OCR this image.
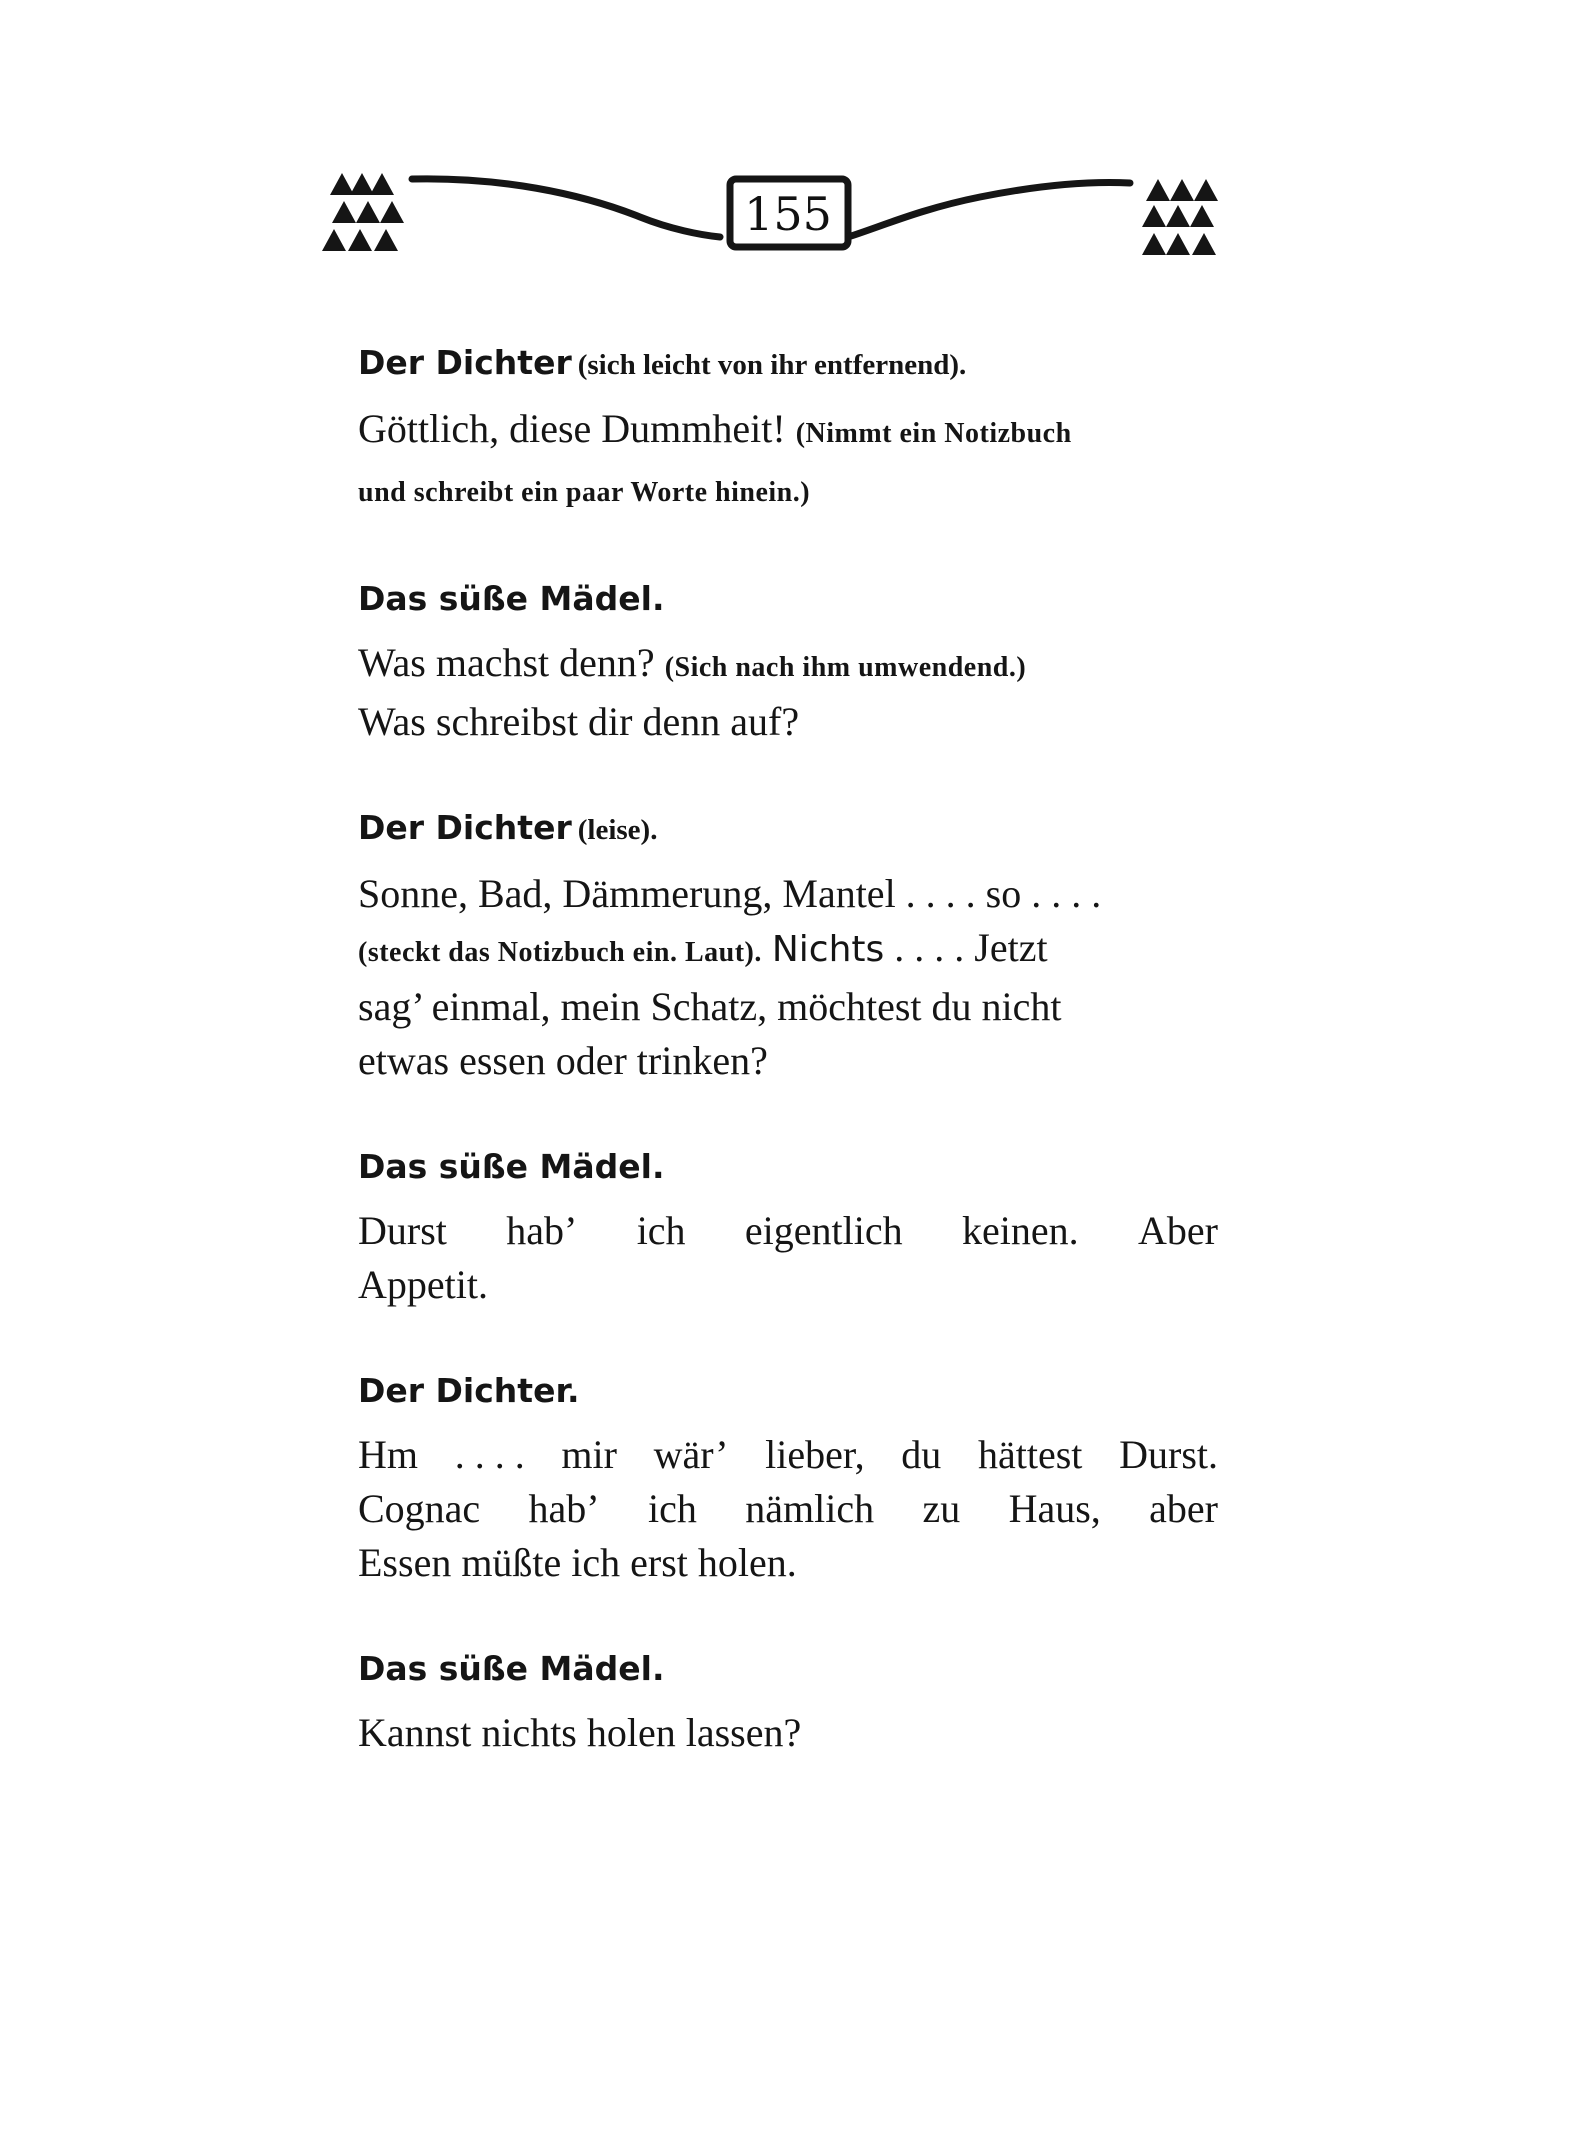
155

Der Dichter (sich leicht von ihr entfernend).

Göttlich, diese Dummheit! (Nimmt ein Notizbuch
und schreibt ein paar Worte hinein.)

Das süße Mädel.

Was machst denn? (Sich nach ihm umwendend.)
Was schreibst dir denn auf?

Der Dichter (leise).

Sonne, Bad, Dämmerung, Mantel . . . . so . . . .
(steckt das Notizbuch ein. Laut). Nichts . . . . Jetzt
sag’ einmal, mein Schatz, möchtest du nicht
etwas essen oder trinken?

Das süße Mädel.

Durst hab’ ich eigentlich keinen. Aber
Appetit.

Der Dichter.

Hm . . . . mir wär’ lieber, du hättest Durst.
Cognac hab’ ich nämlich zu Haus, aber
Essen müßte ich erst holen.

Das süße Mädel.

Kannst nichts holen lassen?
